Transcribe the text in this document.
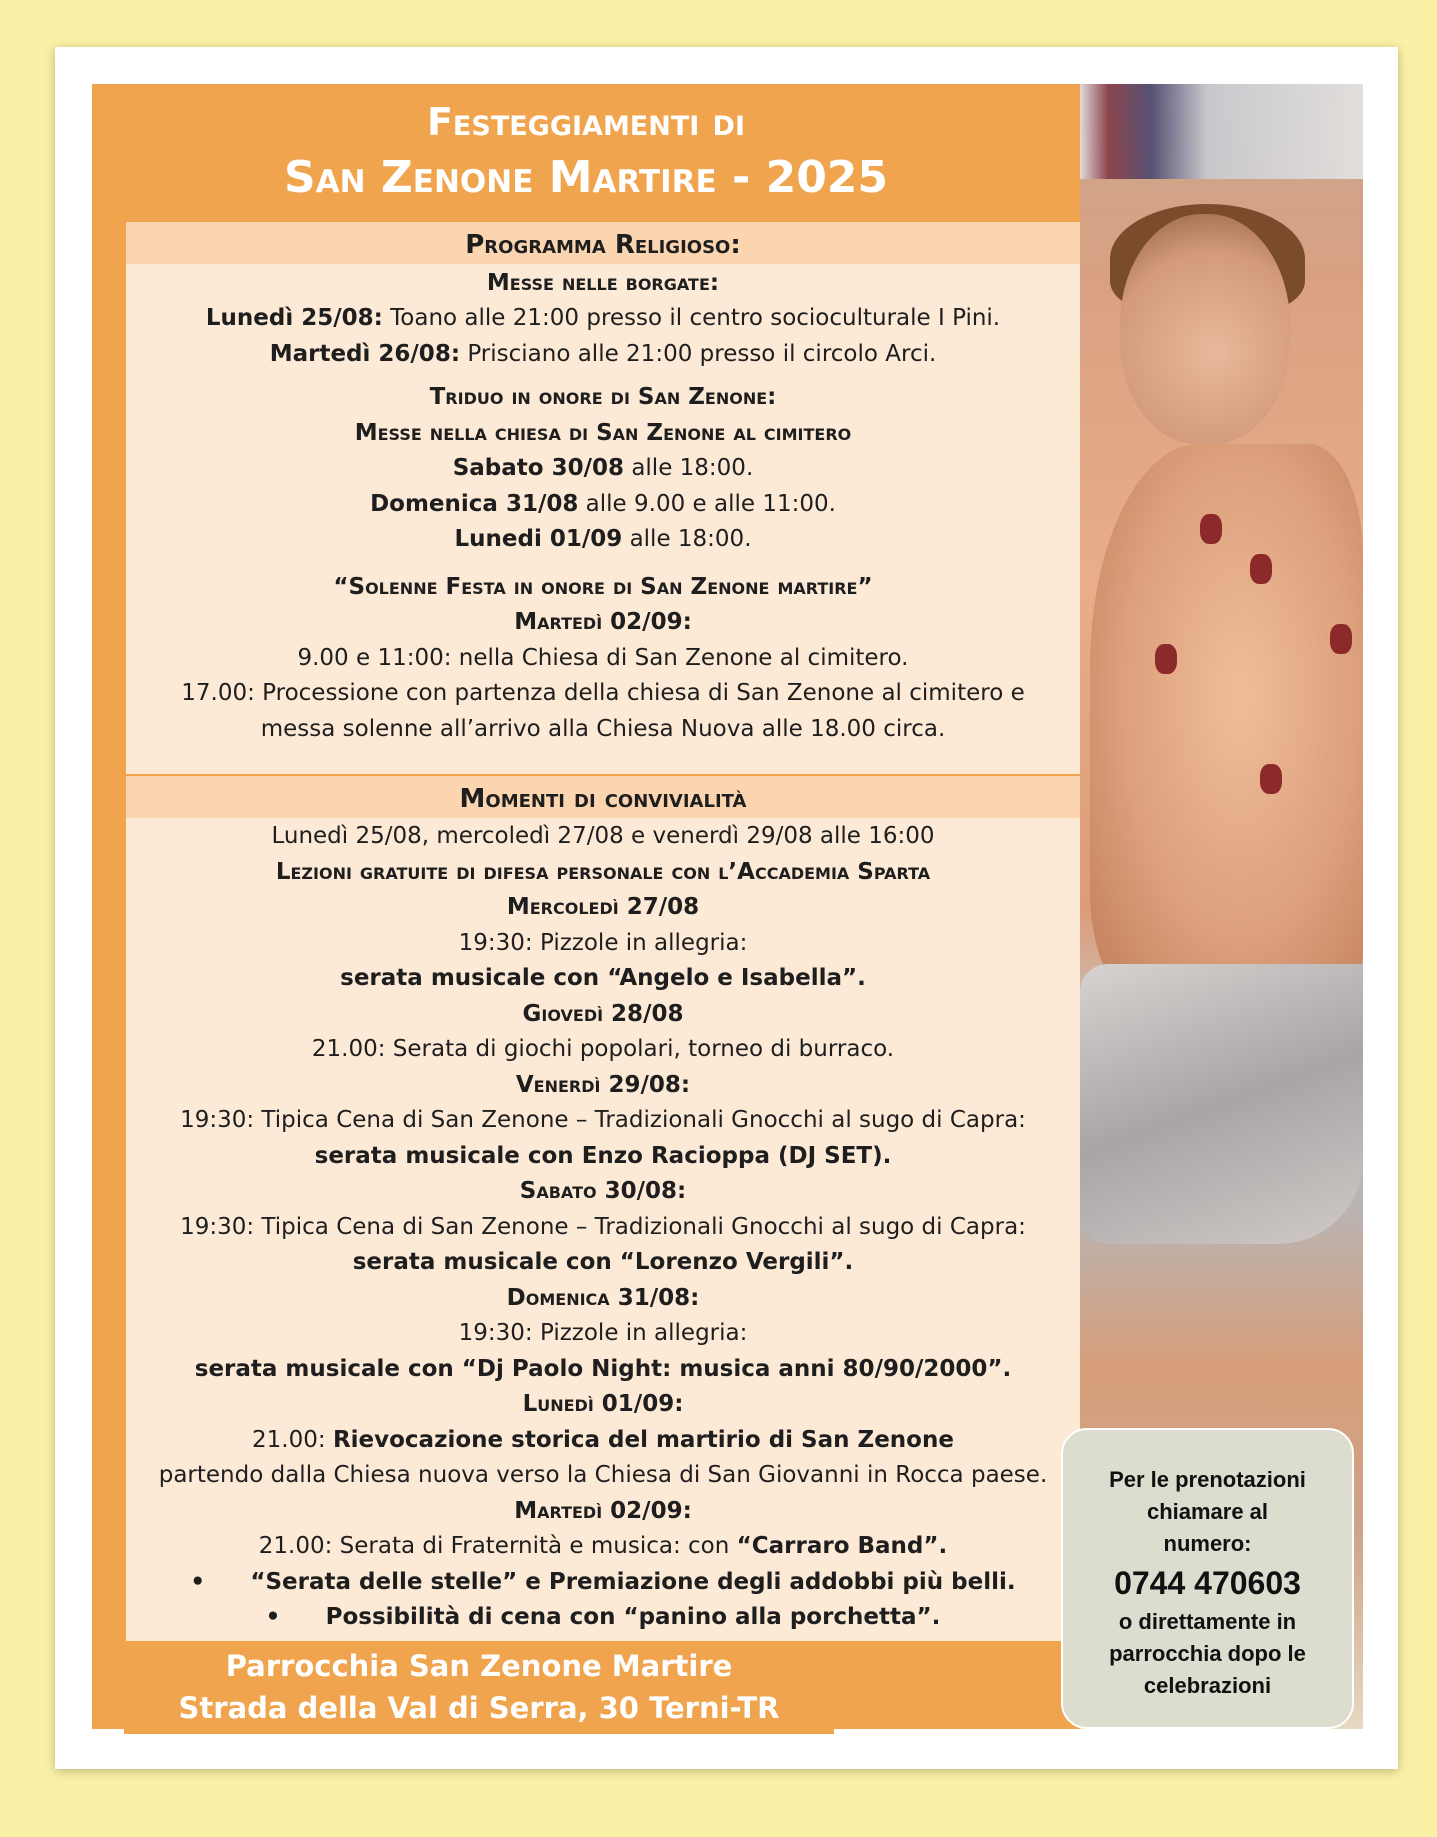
Festeggiamenti di
San Zenone Martire - 2025

Programma Religioso:

Messe nelle borgate:

Lunedì 25/08: Toano alle 21:00 presso il centro socioculturale I Pini.

Martedì 26/08: Prisciano alle 21:00 presso il circolo Arci.

Triduo in onore di San Zenone:

Messe nella chiesa di San Zenone al cimitero

Sabato 30/08 alle 18:00.

Domenica 31/08 alle 9.00 e alle 11:00.

Lunedi 01/09 alle 18:00.

“Solenne Festa in onore di San Zenone martire”

Martedì 02/09:

9.00 e 11:00: nella Chiesa di San Zenone al cimitero.

17.00: Processione con partenza della chiesa di San Zenone al cimitero e

messa solenne all’arrivo alla Chiesa Nuova alle 18.00 circa.

Momenti di convivialità

Lunedì 25/08, mercoledì 27/08 e venerdì 29/08 alle 16:00

Lezioni gratuite di difesa personale con l’Accademia Sparta

Mercoledì 27/08

19:30: Pizzole in allegria:

serata musicale con “Angelo e Isabella”.

Giovedì 28/08

21.00: Serata di giochi popolari, torneo di burraco.

Venerdì 29/08:

19:30: Tipica Cena di San Zenone – Tradizionali Gnocchi al sugo di Capra:

serata musicale con Enzo Racioppa (DJ SET).

Sabato 30/08:

19:30: Tipica Cena di San Zenone – Tradizionali Gnocchi al sugo di Capra:

serata musicale con “Lorenzo Vergili”.

Domenica 31/08:

19:30: Pizzole in allegria:

serata musicale con “Dj Paolo Night: musica anni 80/90/2000”.

Lunedì 01/09:

21.00: Rievocazione storica del martirio di San Zenone

partendo dalla Chiesa nuova verso la Chiesa di San Giovanni in Rocca paese.

Martedì 02/09:

21.00: Serata di Fraternità e musica: con “Carraro Band”.

• “Serata delle stelle” e Premiazione degli addobbi più belli.

• Possibilità di cena con “panino alla porchetta”.

Parrocchia San Zenone Martire
Strada della Val di Serra, 30 Terni-TR
Per le prenotazioni
chiamare al
numero:
0744 470603
o direttamente in
parrocchia dopo le
celebrazioni
